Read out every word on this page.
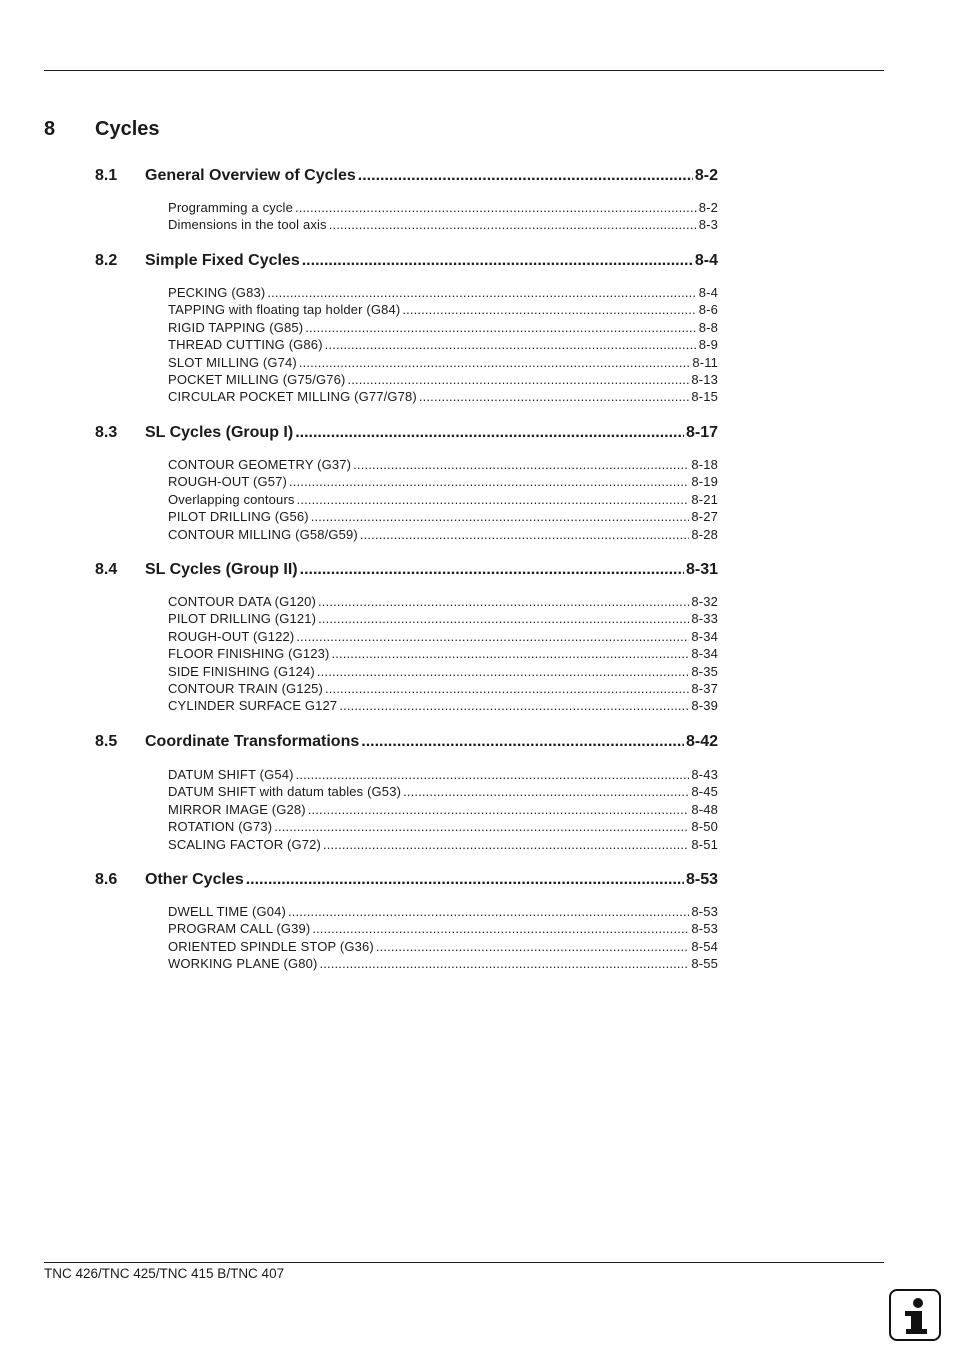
8 Cycles
8.1 General Overview of Cycles .....	8-2
Programming a cycle .....	8-2
Dimensions in the tool axis .....	8-3
8.2 Simple Fixed Cycles .....	8-4
PECKING (G83) .....	8-4
TAPPING with floating tap holder (G84) .....	8-6
RIGID TAPPING (G85) .....	8-8
THREAD CUTTING (G86) .....	8-9
SLOT MILLING (G74) .....	8-11
POCKET MILLING (G75/G76) .....	8-13
CIRCULAR POCKET MILLING (G77/G78) .....	8-15
8.3 SL Cycles (Group I) .....	8-17
CONTOUR GEOMETRY (G37) .....	8-18
ROUGH-OUT (G57) .....	8-19
Overlapping contours .....	8-21
PILOT DRILLING (G56) .....	8-27
CONTOUR MILLING (G58/G59) .....	8-28
8.4 SL Cycles (Group II) .....	8-31
CONTOUR DATA (G120) .....	8-32
PILOT DRILLING (G121) .....	8-33
ROUGH-OUT (G122) .....	8-34
FLOOR FINISHING (G123) .....	8-34
SIDE FINISHING (G124) .....	8-35
CONTOUR TRAIN (G125) .....	8-37
CYLINDER SURFACE G127 .....	8-39
8.5 Coordinate Transformations .....	8-42
DATUM SHIFT (G54) .....	8-43
DATUM SHIFT with datum tables (G53) .....	8-45
MIRROR IMAGE (G28) .....	8-48
ROTATION (G73) .....	8-50
SCALING FACTOR (G72) .....	8-51
8.6 Other Cycles .....	8-53
DWELL TIME (G04) .....	8-53
PROGRAM CALL (G39) .....	8-53
ORIENTED SPINDLE STOP (G36) .....	8-54
WORKING PLANE (G80) .....	8-55
TNC 426/TNC 425/TNC 415 B/TNC 407
